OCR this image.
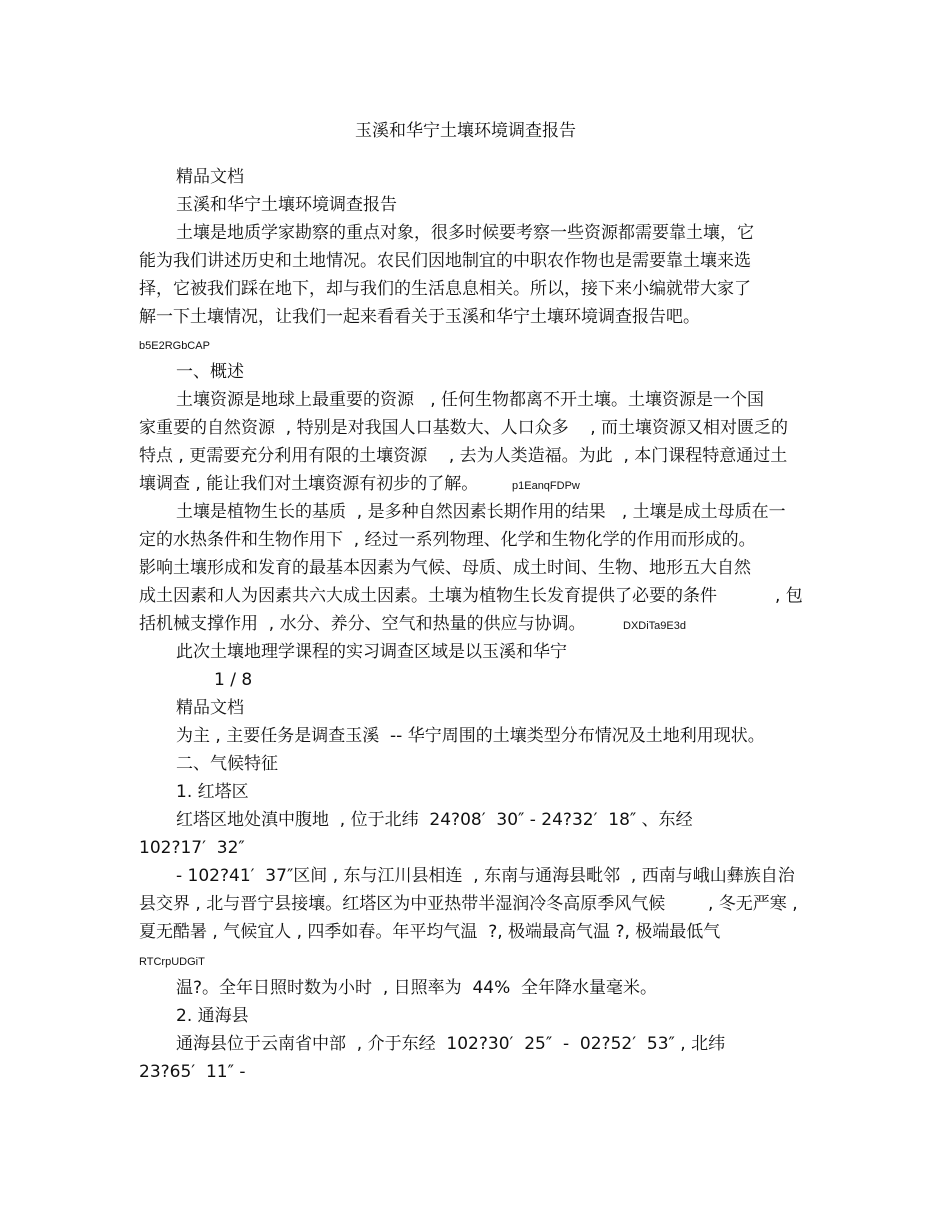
玉溪和华宁土壤环境调查报告
精品文档
玉溪和华宁土壤环境调查报告
土壤是地质学家勘察的重点对象，很多时候要考察一些资源都需要靠土壤，它
能为我们讲述历史和土地情况。农民们因地制宜的中职农作物也是需要靠土壤来选
择，它被我们踩在地下，却与我们的生活息息相关。所以，接下来小编就带大家了
解一下土壤情况，让我们一起来看看关于玉溪和华宁土壤环境调查报告吧。
b5E2RGbCAP
一、概述
土壤资源是地球上最重要的资源   , 任何生物都离不开土壤。土壤资源是一个国
家重要的自然资源  , 特别是对我国人口基数大、人口众多    , 而土壤资源又相对匮乏的
特点 , 更需要充分利用有限的土壤资源    , 去为人类造福。为此  , 本门课程特意通过土
壤调查 , 能让我们对土壤资源有初步的了解。	p1EanqFDPw
土壤是植物生长的基质  , 是多种自然因素长期作用的结果   , 土壤是成土母质在一
定的水热条件和生物作用下  , 经过一系列物理、化学和生物化学的作用而形成的。
影响土壤形成和发育的最基本因素为气候、母质、成土时间、生物、地形五大自然
成土因素和人为因素共六大成土因素。土壤为植物生长发育提供了必要的条件	, 包
括机械支撑作用  , 水分、养分、空气和热量的供应与协调。	DXDiTa9E3d
此次土壤地理学课程的实习调查区域是以玉溪和华宁
1 / 8
精品文档
为主 , 主要任务是调查玉溪  -- 华宁周围的土壤类型分布情况及土地利用现状。
二、气候特征
1. 红塔区
红塔区地处滇中腹地  , 位于北纬  24?08′  30″ - 24?32′  18″ 、东经
102?17′  32″
- 102?41′  37″区间 , 东与江川县相连  , 东南与通海县毗邻  , 西南与峨山彝族自治
县交界 , 北与晋宁县接壤。红塔区为中亚热带半湿润冷冬高原季风气候	, 冬无严寒 ,
夏无酷暑 , 气候宜人 , 四季如春。年平均气温  ?, 极端最高气温 ?, 极端最低气
RTCrpUDGiT
温?。全年日照时数为小时  , 日照率为  44%  全年降水量毫米。
2. 通海县
通海县位于云南省中部  , 介于东经  102?30′  25″  -  02?52′  53″ , 北纬
23?65′  11″ -
